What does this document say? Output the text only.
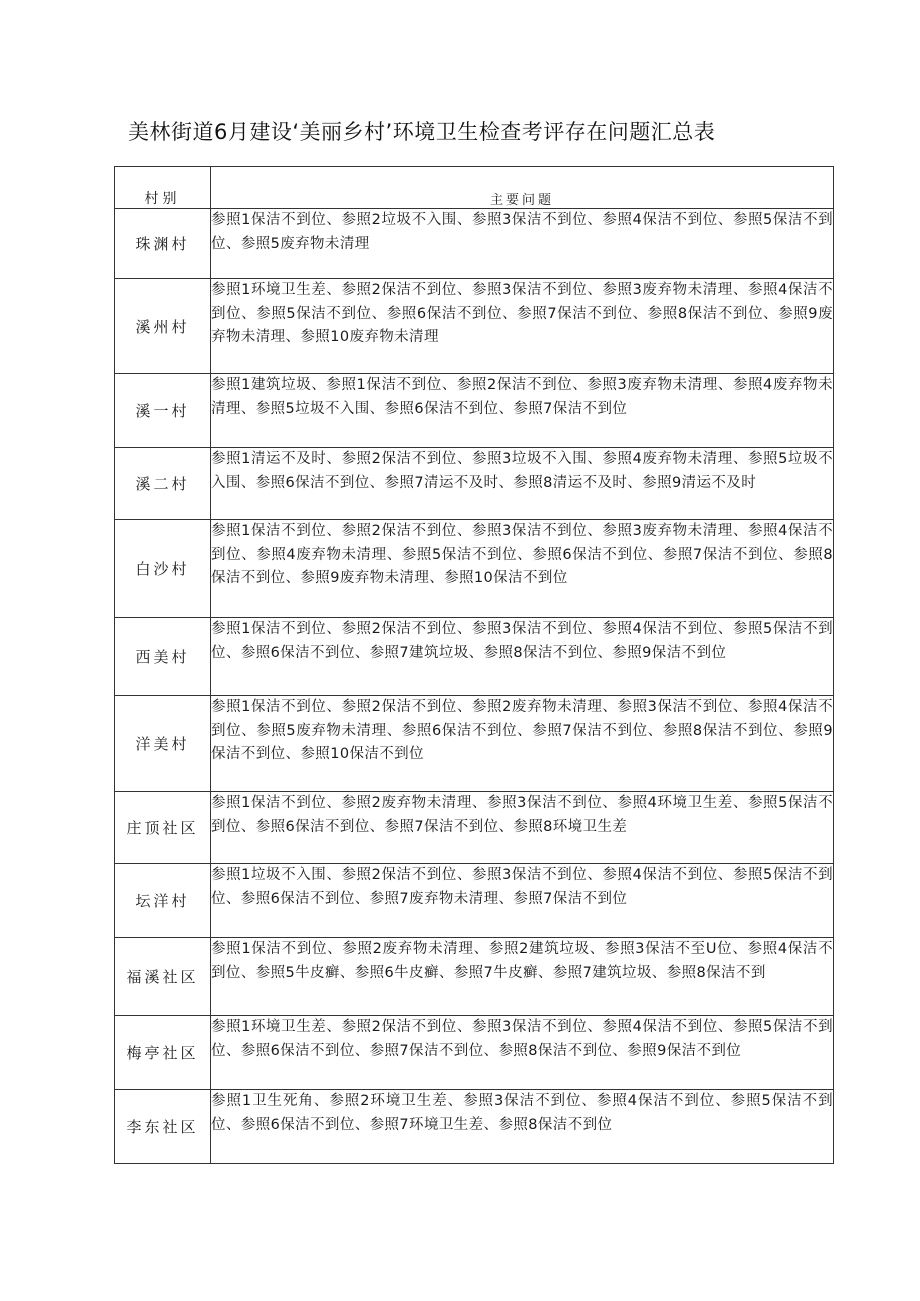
美林街道6月建设‘美丽乡村’环境卫生检查考评存在问题汇总表
村别	主要问题
珠渊村	参照1保洁不到位、参照2垃圾不入围、参照3保洁不到位、参照4保洁不到位、参照5保洁不到位、参照5废弃物未清理
溪州村	参照1环境卫生差、参照2保洁不到位、参照3保洁不到位、参照3废弃物未清理、参照4保洁不到位、参照5保洁不到位、参照6保洁不到位、参照7保洁不到位、参照8保洁不到位、参照9废弃物未清理、参照10废弃物未清理
溪一村	参照1建筑垃圾、参照1保洁不到位、参照2保洁不到位、参照3废弃物未清理、参照4废弃物未清理、参照5垃圾不入围、参照6保洁不到位、参照7保洁不到位
溪二村	参照1清运不及时、参照2保洁不到位、参照3垃圾不入围、参照4废弃物未清理、参照5垃圾不入围、参照6保洁不到位、参照7清运不及时、参照8清运不及时、参照9清运不及时
白沙村	参照1保洁不到位、参照2保洁不到位、参照3保洁不到位、参照3废弃物未清理、参照4保洁不到位、参照4废弃物未清理、参照5保洁不到位、参照6保洁不到位、参照7保洁不到位、参照8保洁不到位、参照9废弃物未清理、参照10保洁不到位
西美村	参照1保洁不到位、参照2保洁不到位、参照3保洁不到位、参照4保洁不到位、参照5保洁不到位、参照6保洁不到位、参照7建筑垃圾、参照8保洁不到位、参照9保洁不到位
洋美村	参照1保洁不到位、参照2保洁不到位、参照2废弃物未清理、参照3保洁不到位、参照4保洁不到位、参照5废弃物未清理、参照6保洁不到位、参照7保洁不到位、参照8保洁不到位、参照9保洁不到位、参照10保洁不到位
庄顶社区	参照1保洁不到位、参照2废弃物未清理、参照3保洁不到位、参照4环境卫生差、参照5保洁不到位、参照6保洁不到位、参照7保洁不到位、参照8环境卫生差
坛洋村	参照1垃圾不入围、参照2保洁不到位、参照3保洁不到位、参照4保洁不到位、参照5保洁不到位、参照6保洁不到位、参照7废弃物未清理、参照7保洁不到位
福溪社区	参照1保洁不到位、参照2废弃物未清理、参照2建筑垃圾、参照3保洁不至U位、参照4保洁不到位、参照5牛皮癣、参照6牛皮癣、参照7牛皮癣、参照7建筑垃圾、参照8保洁不到
梅亭社区	参照1环境卫生差、参照2保洁不到位、参照3保洁不到位、参照4保洁不到位、参照5保洁不到位、参照6保洁不到位、参照7保洁不到位、参照8保洁不到位、参照9保洁不到位
李东社区	参照1卫生死角、参照2环境卫生差、参照3保洁不到位、参照4保洁不到位、参照5保洁不到位、参照6保洁不到位、参照7环境卫生差、参照8保洁不到位
